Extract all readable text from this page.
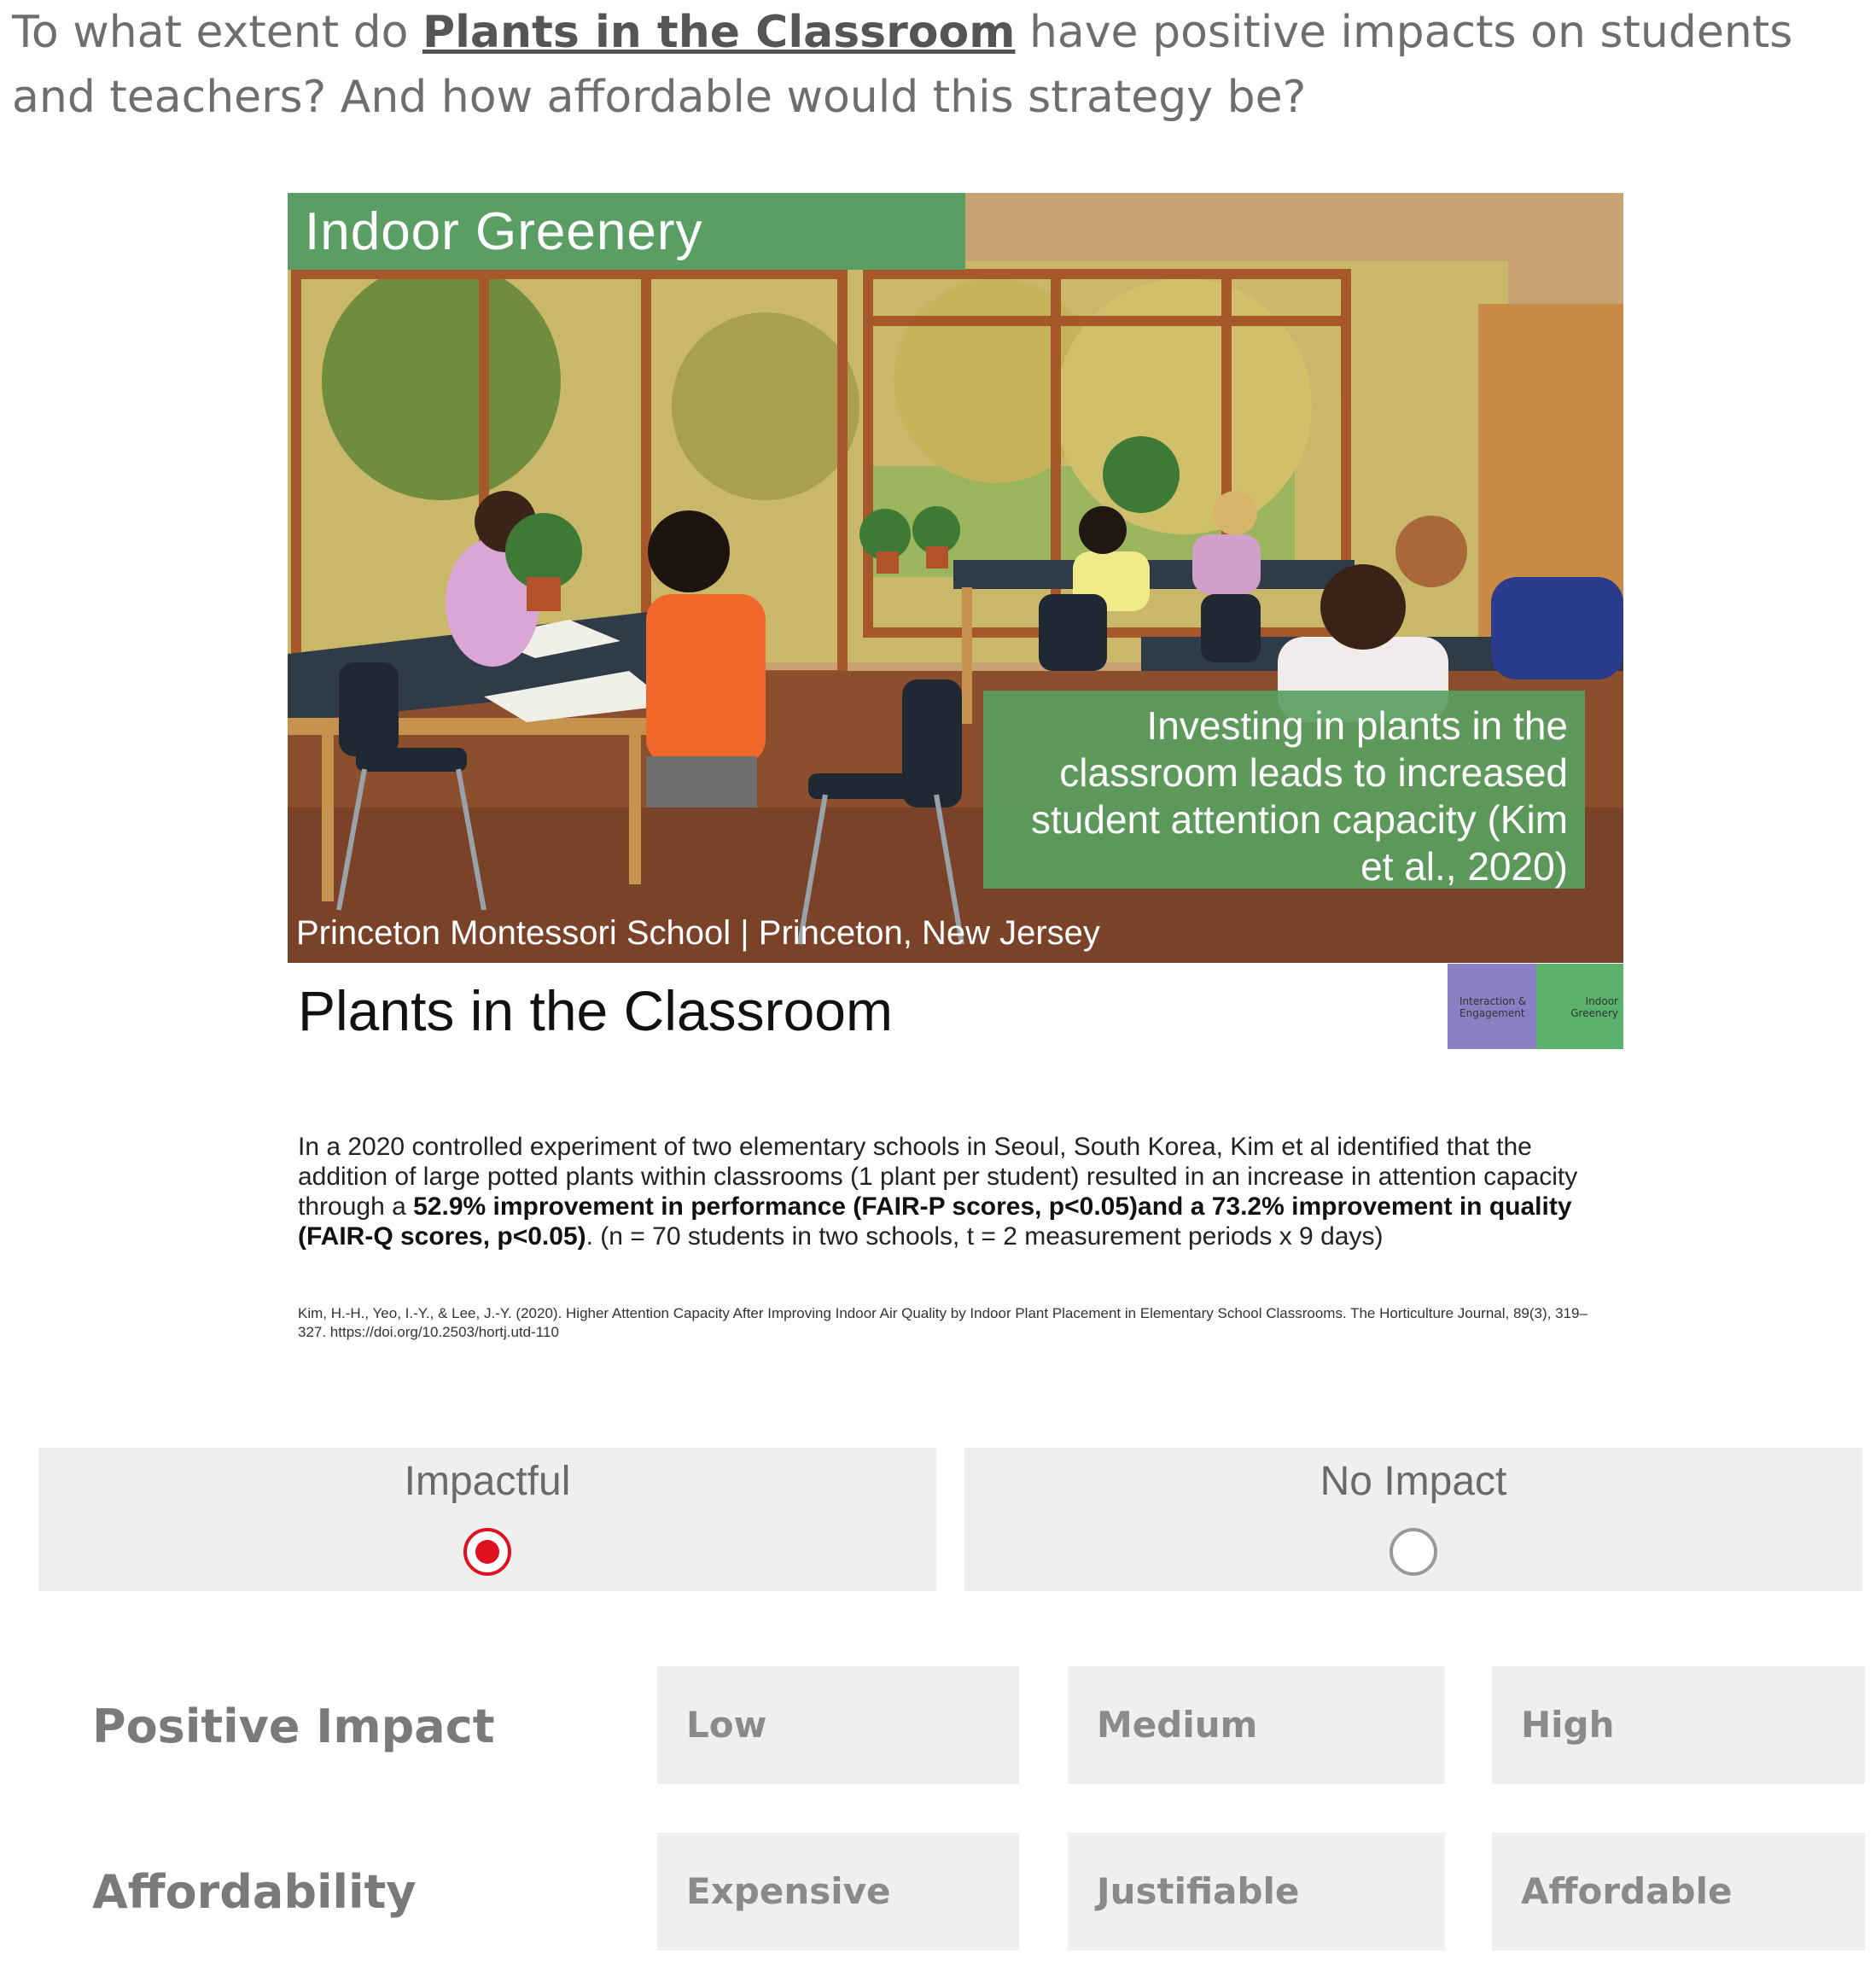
To what extent do Plants in the Classroom have positive impacts on students and teachers? And how affordable would this strategy be?
Indoor Greenery
Investing in plants in the classroom leads to increased student attention capacity (Kim et al., 2020)
Princeton Montessori School | Princeton, New Jersey
Plants in the Classroom	Interaction & Engagement
Indoor Greenery
In a 2020 controlled experiment of two elementary schools in Seoul, South Korea, Kim et al identified that the addition of large potted plants within classrooms (1 plant per student) resulted in an increase in attention capacity through a 52.9% improvement in performance (FAIR-P scores, p<0.05)and a 73.2% improvement in quality (FAIR-Q scores, p<0.05). (n = 70 students in two schools, t = 2 measurement periods x 9 days)
Kim, H.-H., Yeo, I.-Y., & Lee, J.-Y. (2020). Higher Attention Capacity After Improving Indoor Air Quality by Indoor Plant Placement in Elementary School Classrooms. The Horticulture Journal, 89(3), 319–327. https://doi.org/10.2503/hortj.utd-110
Impactful	No Impact
Positive Impact	Low	Medium	High
Affordability	Expensive	Justifiable	Affordable
